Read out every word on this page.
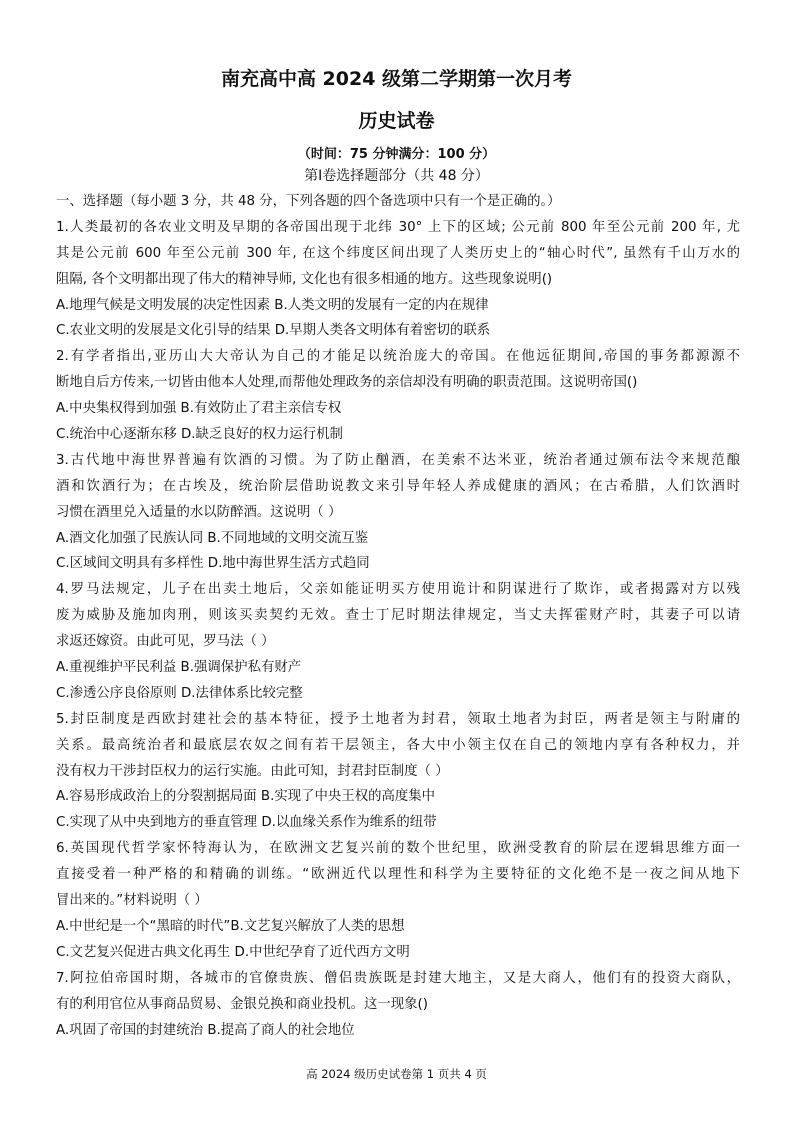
南充高中高 2024 级第二学期第一次月考
历史试卷
（时间：75 分钟满分：100 分）
第Ⅰ卷选择题部分（共 48 分）
一、选择题（每小题 3 分，共 48 分，下列各题的四个备选项中只有一个是正确的。）
1.人类最初的各农业文明及早期的各帝国出现于北纬 30° 上下的区域; 公元前 800 年至公元前 200 年, 尤
其是公元前 600 年至公元前 300 年, 在这个纬度区间出现了人类历史上的“轴心时代”, 虽然有千山万水的
阻隔, 各个文明都出现了伟大的精神导师, 文化也有很多相通的地方。这些现象说明()
A.地理气候是文明发展的决定性因素 B.人类文明的发展有一定的内在规律
C.农业文明的发展是文化引导的结果 D.早期人类各文明体有着密切的联系
2.有学者指出,亚历山大大帝认为自己的才能足以统治庞大的帝国。在他远征期间,帝国的事务都源源不
断地自后方传来,一切皆由他本人处理,而帮他处理政务的亲信却没有明确的职责范围。这说明帝国()
A.中央集权得到加强 B.有效防止了君主亲信专权
C.统治中心逐渐东移 D.缺乏良好的权力运行机制
3.古代地中海世界普遍有饮酒的习惯。为了防止酗酒，在美索不达米亚，统治者通过颁布法令来规范酿
酒和饮酒行为；在古埃及，统治阶层借助说教文来引导年轻人养成健康的酒风；在古希腊，人们饮酒时
习惯在酒里兑入适量的水以防醉酒。这说明（ ）
A.酒文化加强了民族认同 B.不同地域的文明交流互鉴
C.区域间文明具有多样性 D.地中海世界生活方式趋同
4.罗马法规定，儿子在出卖土地后，父亲如能证明买方使用诡计和阴谋进行了欺诈，或者揭露对方以残
废为威胁及施加肉刑，则该买卖契约无效。查士丁尼时期法律规定，当丈夫挥霍财产时，其妻子可以请
求返还嫁资。由此可见，罗马法（ ）
A.重视维护平民利益 B.强调保护私有财产
C.渗透公序良俗原则 D.法律体系比较完整
5.封臣制度是西欧封建社会的基本特征，授予土地者为封君，领取土地者为封臣，两者是领主与附庸的
关系。最高统治者和最底层农奴之间有若干层领主，各大中小领主仅在自己的领地内享有各种权力，并
没有权力干涉封臣权力的运行实施。由此可知，封君封臣制度（ ）
A.容易形成政治上的分裂割据局面 B.实现了中央王权的高度集中
C.实现了从中央到地方的垂直管理 D.以血缘关系作为维系的纽带
6.英国现代哲学家怀特海认为，在欧洲文艺复兴前的数个世纪里，欧洲受教育的阶层在逻辑思维方面一
直接受着一种严格的和精确的训练。“欧洲近代以理性和科学为主要特征的文化绝不是一夜之间从地下
冒出来的。”材料说明（ ）
A.中世纪是一个“黑暗的时代”B.文艺复兴解放了人类的思想
C.文艺复兴促进古典文化再生 D.中世纪孕育了近代西方文明
7.阿拉伯帝国时期，各城市的官僚贵族、僧侣贵族既是封建大地主，又是大商人，他们有的投资大商队，
有的利用官位从事商品贸易、金银兑换和商业投机。这一现象()
A.巩固了帝国的封建统治 B.提高了商人的社会地位
高 2024 级历史试卷第 1 页共 4 页
